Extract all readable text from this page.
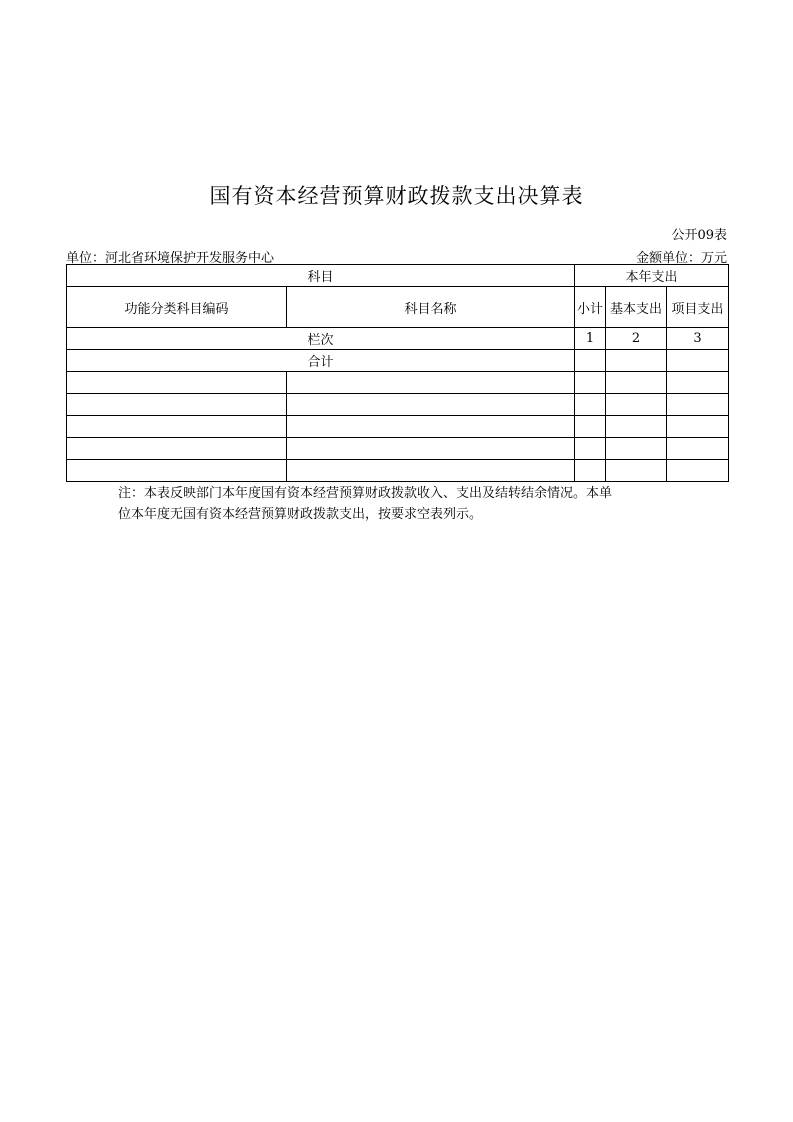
国有资本经营预算财政拨款支出决算表
公开09表
单位：河北省环境保护开发服务中心	金额单位：万元
科目		本年支出		
功能分类科目编码	科目名称	小计	基本支出	项目支出
栏次		1	2	3
合计				

注：本表反映部门本年度国有资本经营预算财政拨款收入、支出及结转结余情况。本单
位本年度无国有资本经营预算财政拨款支出，按要求空表列示。
